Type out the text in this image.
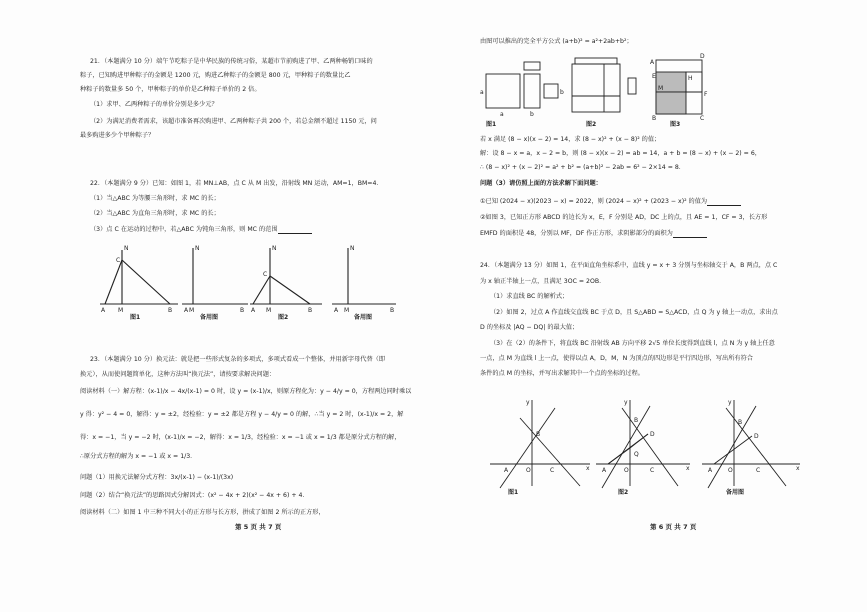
21．（本题满分 10 分）端午节吃粽子是中华民族的传统习俗，某超市节前购进了甲、乙两种畅销口味的
粽子，已知购进甲种粽子的金额是 1200 元，购进乙种粽子的金额是 800 元，甲种粽子的数量比乙
种粽子的数量多 50 个，甲种粽子的单价是乙种粽子单价的 2 倍。
（1）求甲、乙两种粽子的单价分别是多少元？
（2）为满足消费者需求，该超市准备再次购进甲、乙两种粽子共 200 个，若总金额不超过 1150 元，问
最多购进多少个甲种粽子？
22．（本题满分 9 分）已知：如图 1，若 MN⊥AB，点 C 从 M 出发，沿射线 MN 运动，AM=1，BM=4．
（1）当△ABC 为等腰三角形时，求 MC 的长；
（2）当△ABC 为直角三角形时，求 MC 的长；
（3）点 C 在运动的过程中，若△ABC 为钝角三角形，则 MC 的范围
C
N
A M	B
N
A M	B
C
N
A M	B
N
A M	B
图1	备用图	图2	备用图
23．（本题满分 10 分）换元法：就是把一些形式复杂的多项式，多项式看成一个整体，并用新字母代替（即
换元），从而使问题简单化，这种方法叫“换元法”，请按要求解决问题：
阅读材料（一）解方程：(x-1)/x − 4x/(x-1) = 0 时，设 y = (x-1)/x，则原方程化为：y − 4/y = 0，方程两边同时乘以
y 得：y² − 4 = 0，解得：y = ±2，经检验：y = ±2 都是方程 y − 4/y = 0 的解，∴当 y = 2 时，(x-1)/x = 2，解
得：x = −1，当 y = −2 时，(x-1)/x = −2，解得：x = 1/3，经检验：x = −1 或 x = 1/3 都是原分式方程的解，
∴原分式方程的解为 x = −1 或 x = 1/3．
问题（1）用换元法解分式方程：3x/(x-1) − (x-1)/(3x)
问题（2）结合“换元法”的思路因式分解因式：(x² − 4x + 2)(x² − 4x + 6) + 4．
阅读材料（二）如图 1 中三种不同大小的正方形与长方形，拼成了如图 2 所示的正方形，
第 5 页 共 7 页
由图可以推出的完全平方公式 (a+b)² = a²+2ab+b²；
a
a
b
b
A
D
E	H
M
B	C
F
图1	图2	图3
若 x 满足 (8 − x)(x − 2) = 14，求 (8 − x)² + (x − 8)² 的值；
解：设 8 − x = a，x − 2 = b，则 (8 − x)(x − 2) = ab = 14，a + b = (8 − x) + (x − 2) = 6，
∴ (8 − x)² + (x − 2)² = a² + b² = (a+b)² − 2ab = 6² − 2×14 = 8．
问题（3）请仿照上面的方法求解下面问题：
①已知 (2024 − x)(2023 − x) = 2022，则 (2024 − x)² + (2023 − x)² 的值为
②如图 3，已知正方形 ABCD 的边长为 x，E，F 分别是 AD，DC 上的点，且 AE = 1，CF = 3，长方形
EMFD 的面积是 48，分别以 MF，DF 作正方形，求阴影部分的面积为
24．（本题满分 13 分）如图 1，在平面直角坐标系中，直线 y = x + 3 分别与坐标轴交于 A，B 两点，点 C
为 x 轴正半轴上一点，且满足 3OC = 2OB．
（1）求直线 BC 的解析式；
（2）如图 2，过点 A 作直线交直线 BC 于点 D，且 S△ABD = S△ACD，点 Q 为 y 轴上一动点，求出点
D 的坐标及 |AQ − DQ| 的最大值；
（3）在（2）的条件下，将直线 BC 沿射线 AB 方向平移 2√5 单位长度得到直线 l，点 N 为 y 轴上任意
一点，点 M 为直线 l 上一点，使得以点 A，D，M，N 为顶点的四边形是平行四边形，写出所有符合
条件的点 M 的坐标，并写出求解其中一个点的坐标的过程。
y
x
B
A	O	C
y
x
B
A	O	C
D
Q
y
x
B
A	O	C
D
图1	图2	备用图
第 6 页 共 7 页
